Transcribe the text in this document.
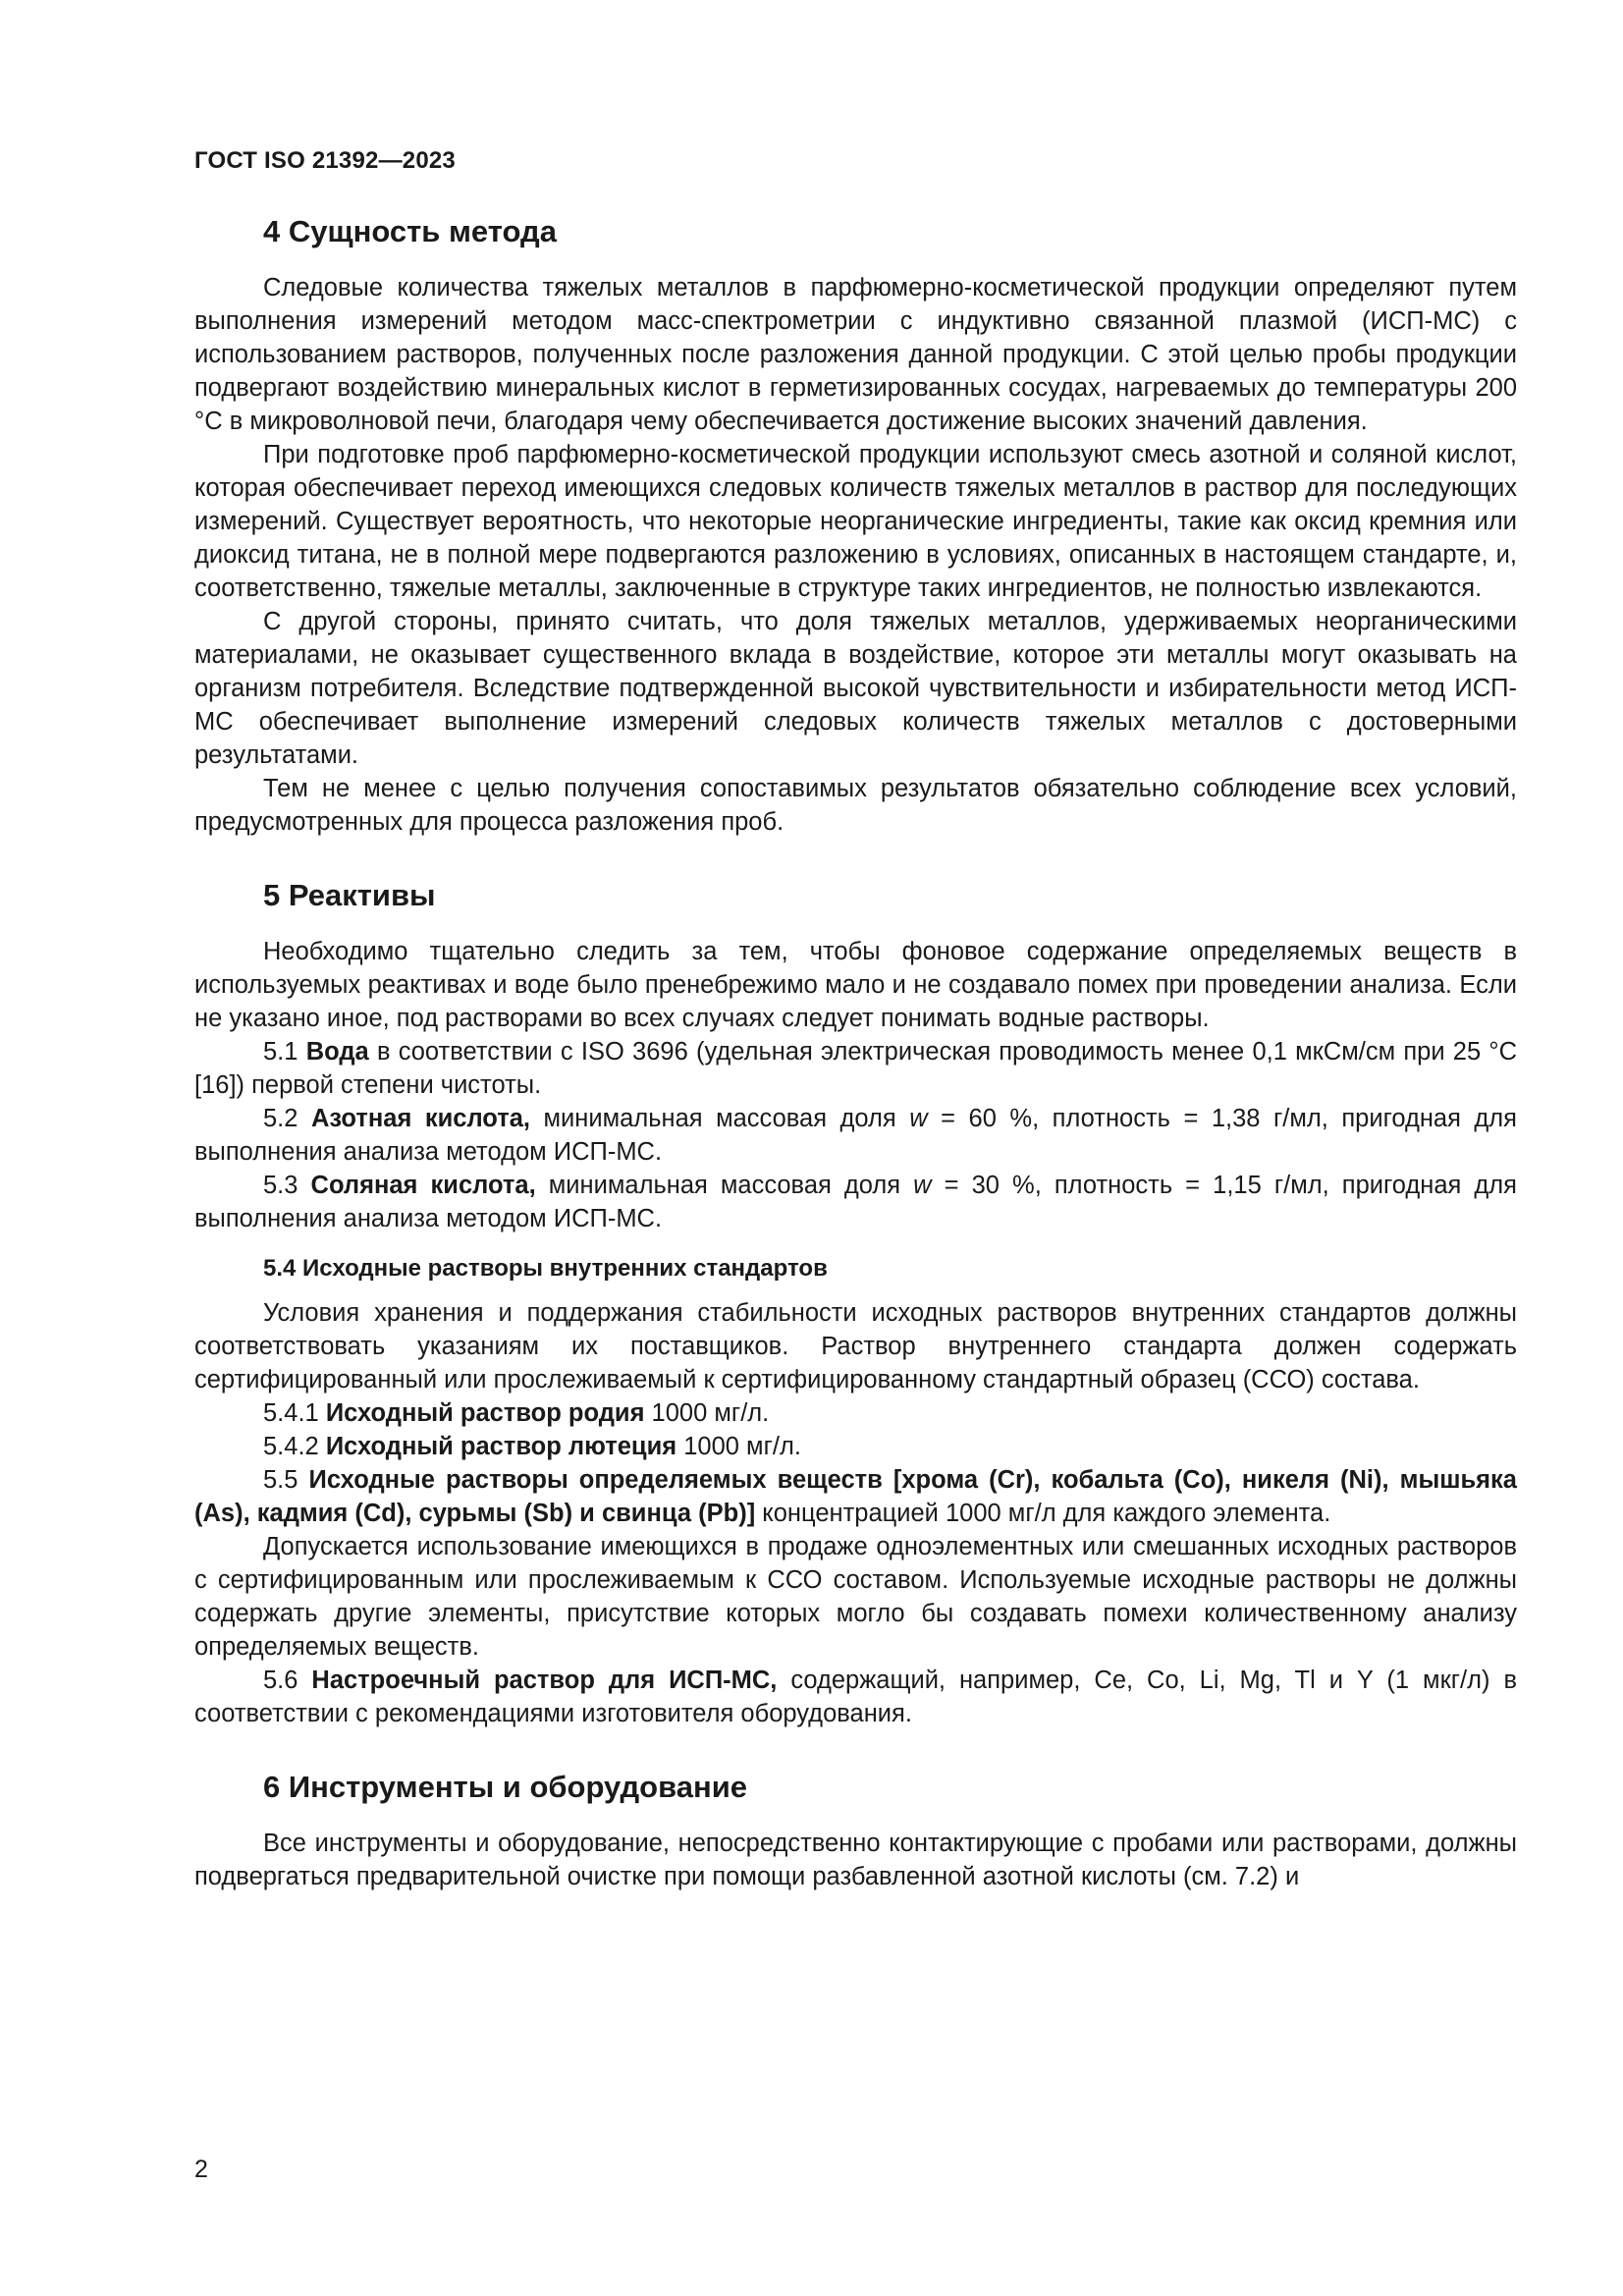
ГОСТ ISO 21392—2023
4 Сущность метода

Следовые количества тяжелых металлов в парфюмерно-косметической продукции определяют путем выполнения измерений методом масс-спектрометрии с индуктивно связанной плазмой (ИСП-МС) с использованием растворов, полученных после разложения данной продукции. С этой целью пробы продукции подвергают воздействию минеральных кислот в герметизированных сосудах, нагреваемых до температуры 200 °С в микроволновой печи, благодаря чему обеспечивается достижение высоких значений давления.

При подготовке проб парфюмерно-косметической продукции используют смесь азотной и соляной кислот, которая обеспечивает переход имеющихся следовых количеств тяжелых металлов в раствор для последующих измерений. Существует вероятность, что некоторые неорганические ингредиенты, такие как оксид кремния или диоксид титана, не в полной мере подвергаются разложению в условиях, описанных в настоящем стандарте, и, соответственно, тяжелые металлы, заключенные в структуре таких ингредиентов, не полностью извлекаются.

С другой стороны, принято считать, что доля тяжелых металлов, удерживаемых неорганическими материалами, не оказывает существенного вклада в воздействие, которое эти металлы могут оказывать на организм потребителя. Вследствие подтвержденной высокой чувствительности и избирательности метод ИСП-МС обеспечивает выполнение измерений следовых количеств тяжелых металлов с достоверными результатами.

Тем не менее с целью получения сопоставимых результатов обязательно соблюдение всех условий, предусмотренных для процесса разложения проб.

5 Реактивы

Необходимо тщательно следить за тем, чтобы фоновое содержание определяемых веществ в используемых реактивах и воде было пренебрежимо мало и не создавало помех при проведении анализа. Если не указано иное, под растворами во всех случаях следует понимать водные растворы.

5.1 Вода в соответствии с ISO 3696 (удельная электрическая проводимость менее 0,1 мкСм/см при 25 °С [16]) первой степени чистоты.

5.2 Азотная кислота, минимальная массовая доля w = 60 %, плотность = 1,38 г/мл, пригодная для выполнения анализа методом ИСП-МС.

5.3 Соляная кислота, минимальная массовая доля w = 30 %, плотность = 1,15 г/мл, пригодная для выполнения анализа методом ИСП-МС.

5.4 Исходные растворы внутренних стандартов

Условия хранения и поддержания стабильности исходных растворов внутренних стандартов должны соответствовать указаниям их поставщиков. Раствор внутреннего стандарта должен содержать сертифицированный или прослеживаемый к сертифицированному стандартный образец (ССО) состава.

5.4.1 Исходный раствор родия 1000 мг/л.

5.4.2 Исходный раствор лютеция 1000 мг/л.

5.5 Исходные растворы определяемых веществ [хрома (Cr), кобальта (Co), никеля (Ni), мышьяка (As), кадмия (Cd), сурьмы (Sb) и свинца (Pb)] концентрацией 1000 мг/л для каждого элемента.

Допускается использование имеющихся в продаже одноэлементных или смешанных исходных растворов с сертифицированным или прослеживаемым к ССО составом. Используемые исходные растворы не должны содержать другие элементы, присутствие которых могло бы создавать помехи количественному анализу определяемых веществ.

5.6 Настроечный раствор для ИСП-МС, содержащий, например, Ce, Co, Li, Mg, Tl и Y (1 мкг/л) в соответствии с рекомендациями изготовителя оборудования.

6 Инструменты и оборудование

Все инструменты и оборудование, непосредственно контактирующие с пробами или растворами, должны подвергаться предварительной очистке при помощи разбавленной азотной кислоты (см. 7.2) и

2
